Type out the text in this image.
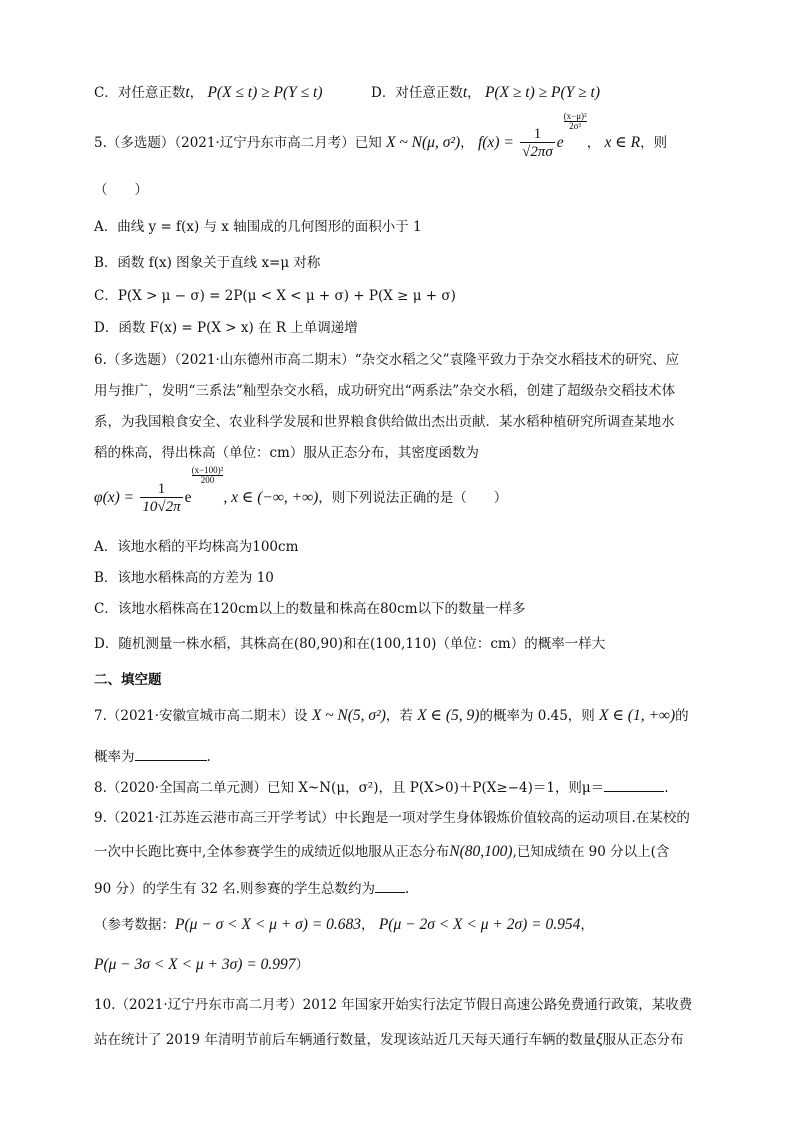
C．对任意正数t， P(X ≤ t) ≥ P(Y ≤ t)	D．对任意正数t， P(X ≥ t) ≥ P(Y ≥ t)
5.（多选题）（2021·辽宁丹东市高二月考）已知 X ~ N(μ, σ²)， $f(x) = \frac{1}{√2\pi\sigma}$ e
$\frac{\text{(x−μ)²}}{\text{2σ²}}$
， x ∈ R，则
（　　）
A．曲线 y = f(x) 与 x 轴围成的几何图形的面积小于 1
B．函数 f(x) 图象关于直线 x=μ 对称
C．P(X > μ − σ) = 2P(μ < X < μ + σ) + P(X ≥ μ + σ)
D．函数 F(x) = P(X > x) 在 R 上单调递增
6.（多选题）（2021·山东德州市高二期末）“杂交水稻之父”袁隆平致力于杂交水稻技术的研究、应
用与推广，发明“三系法”籼型杂交水稻，成功研究出“两系法”杂交水稻，创建了超级杂交稻技术体
系，为我国粮食安全、农业科学发展和世界粮食供给做出杰出贡献．某水稻种植研究所调查某地水
稻的株高，得出株高（单位：cm）服从正态分布，其密度函数为
$\varphi(x) = \frac{1}{10√2\pi}$ e
$\frac{\text{(x−100)²}}{200}$
, x ∈ (−∞, +∞)，则下列说法正确的是（　　）
A．该地水稻的平均株高为100cm
B．该地水稻株高的方差为 10
C．该地水稻株高在120cm以上的数量和株高在80cm以下的数量一样多
D．随机测量一株水稻，其株高在(80,90)和在(100,110)（单位：cm）的概率一样大
二、填空题
7.（2021·安徽宣城市高二期末）设 X ~ N(5, σ²)，若 X ∈ (5, 9)的概率为 0.45，则 X ∈ (1, +∞)的
概率为	.
8.（2020·全国高二单元测）已知 X~N(μ，σ²)，且 P(X>0)＋P(X≥−4)＝1，则μ＝	.
9.（2021·江苏连云港市高三开学考试）中长跑是一项对学生身体锻炼价值较高的运动项目.在某校的
一次中长跑比赛中,全体参赛学生的成绩近似地服从正态分布N(80,100),已知成绩在 90 分以上(含
90 分）的学生有 32 名.则参赛的学生总数约为 .
（参考数据：P(μ − σ < X < μ + σ) = 0.683， P(μ − 2σ < X < μ + 2σ) = 0.954，
P(μ − 3σ < X < μ + 3σ) = 0.997）
10.（2021·辽宁丹东市高二月考）2012 年国家开始实行法定节假日高速公路免费通行政策，某收费
站在统计了 2019 年清明节前后车辆通行数量，发现该站近几天每天通行车辆的数量ξ服从正态分布
